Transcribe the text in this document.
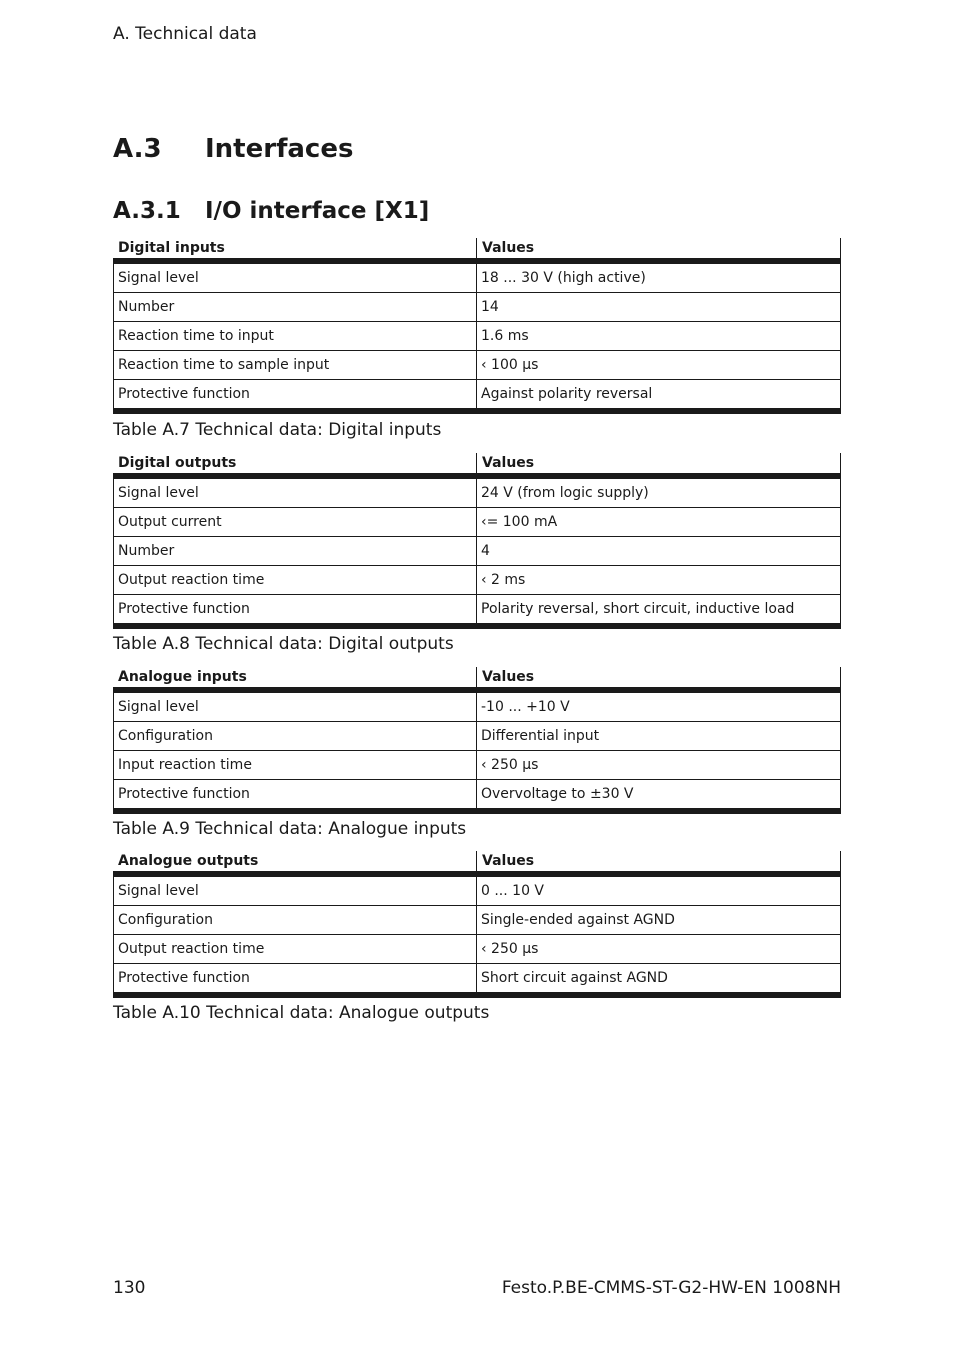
A. Technical data
A.3 Interfaces
A.3.1 I/O interface [X1]
Digital inputs	Values
Signal level	18 ... 30 V (high active)
Number	14
Reaction time to input	1.6 ms
Reaction time to sample input	‹ 100 µs
Protective function	Against polarity reversal
Table A.7 Technical data: Digital inputs
Digital outputs	Values
Signal level	24 V (from logic supply)
Output current	‹= 100 mA
Number	4
Output reaction time	‹ 2 ms
Protective function	Polarity reversal, short circuit, inductive load
Table A.8 Technical data: Digital outputs
Analogue inputs	Values
Signal level	-10 ... +10 V
Configuration	Differential input
Input reaction time	‹ 250 µs
Protective function	Overvoltage to ±30 V
Table A.9 Technical data: Analogue inputs
Analogue outputs	Values
Signal level	0 ... 10 V
Configuration	Single-ended against AGND
Output reaction time	‹ 250 µs
Protective function	Short circuit against AGND
Table A.10 Technical data: Analogue outputs
130	Festo.P.BE-CMMS-ST-G2-HW-EN 1008NH
